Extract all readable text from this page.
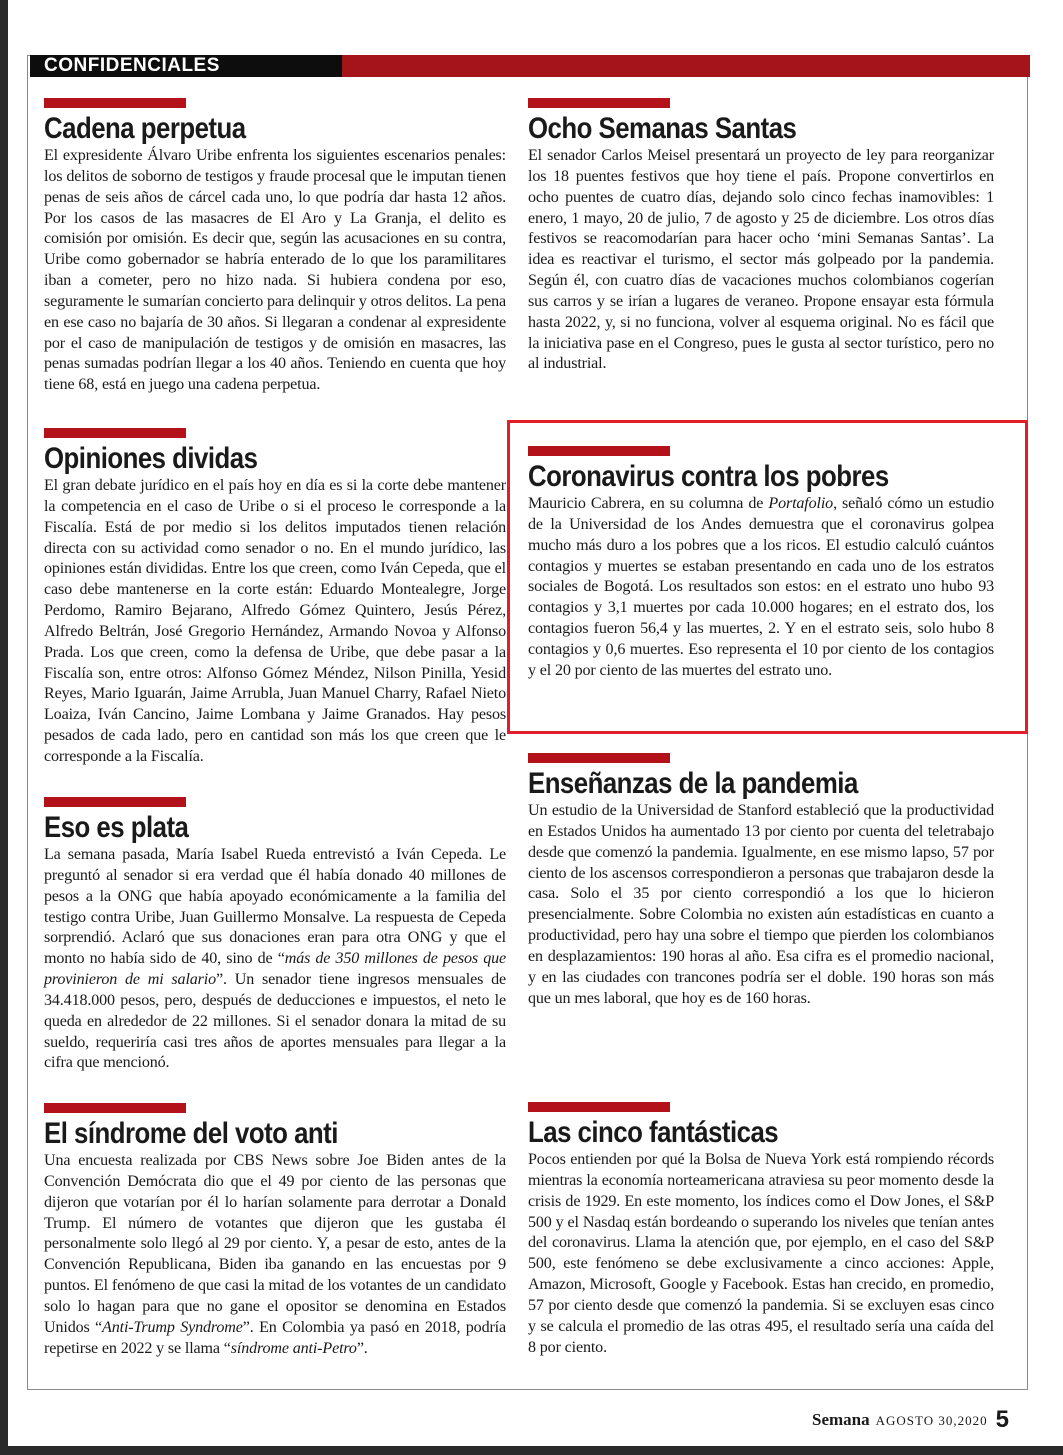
CONFIDENCIALES
Cadena perpetua

El expresidente Álvaro Uribe enfrenta los siguientes escenarios penales: los delitos de soborno de testigos y fraude procesal que le imputan tienen penas de seis años de cárcel cada uno, lo que podría dar hasta 12 años. Por los casos de las masacres de El Aro y La Granja, el delito es comisión por omisión. Es decir que, según las acusaciones en su contra, Uribe como gobernador se habría enterado de lo que los paramilitares iban a cometer, pero no hizo nada. Si hubiera condena por eso, seguramente le sumarían concierto para delinquir y otros delitos. La pena en ese caso no bajaría de 30 años. Si llegaran a condenar al expresidente por el caso de manipulación de testigos y de omisión en masacres, las penas sumadas podrían llegar a los 40 años. Teniendo en cuenta que hoy tiene 68, está en juego una cadena perpetua.

Opiniones dividas

El gran debate jurídico en el país hoy en día es si la corte debe mantener la competencia en el caso de Uribe o si el proceso le corresponde a la Fiscalía. Está de por medio si los delitos imputados tienen relación directa con su actividad como senador o no. En el mundo jurídico, las opiniones están divididas. Entre los que creen, como Iván Cepeda, que el caso debe mantenerse en la corte están: Eduardo Montealegre, Jorge Perdomo, Ramiro Bejarano, Alfredo Gómez Quintero, Jesús Pérez, Alfredo Beltrán, José Gregorio Hernández, Armando Novoa y Alfonso Prada. Los que creen, como la defensa de Uribe, que debe pasar a la Fiscalía son, entre otros: Alfonso Gómez Méndez, Nilson Pinilla, Yesid Reyes, Mario Iguarán, Jaime Arrubla, Juan Manuel Charry, Rafael Nieto Loaiza, Iván Cancino, Jaime Lombana y Jaime Granados. Hay pesos pesados de cada lado, pero en cantidad son más los que creen que le corresponde a la Fiscalía.

Eso es plata

La semana pasada, María Isabel Rueda entrevistó a Iván Cepeda. Le preguntó al senador si era verdad que él había donado 40 millones de pesos a la ONG que había apoyado económicamente a la familia del testigo contra Uribe, Juan Guillermo Monsalve. La respuesta de Cepeda sorprendió. Aclaró que sus donaciones eran para otra ONG y que el monto no había sido de 40, sino de “más de 350 millones de pesos que provinieron de mi salario”. Un senador tiene ingresos mensuales de 34.418.000 pesos, pero, después de deducciones e impuestos, el neto le queda en alrededor de 22 millones. Si el senador donara la mitad de su sueldo, requeriría casi tres años de aportes mensuales para llegar a la cifra que mencionó.

El síndrome del voto anti

Una encuesta realizada por CBS News sobre Joe Biden antes de la Convención Demócrata dio que el 49 por ciento de las personas que dijeron que votarían por él lo harían solamente para derrotar a Donald Trump. El número de votantes que dijeron que les gustaba él personalmente solo llegó al 29 por ciento. Y, a pesar de esto, antes de la Convención Republicana, Biden iba ganando en las encuestas por 9 puntos. El fenómeno de que casi la mitad de los votantes de un candidato solo lo hagan para que no gane el opositor se denomina en Estados Unidos “Anti-Trump Syndrome”. En Colombia ya pasó en 2018, podría repetirse en 2022 y se llama “síndrome anti-Petro”.

Ocho Semanas Santas

El senador Carlos Meisel presentará un proyecto de ley para reorganizar los 18 puentes festivos que hoy tiene el país. Propone convertirlos en ocho puentes de cuatro días, dejando solo cinco fechas inamovibles: 1 enero, 1 mayo, 20 de julio, 7 de agosto y 25 de diciembre. Los otros días festivos se reacomodarían para hacer ocho ‘mini Semanas Santas’. La idea es reactivar el turismo, el sector más golpeado por la pandemia. Según él, con cuatro días de vacaciones muchos colombianos cogerían sus carros y se irían a lugares de veraneo. Propone ensayar esta fórmula hasta 2022, y, si no funciona, volver al esquema original. No es fácil que la iniciativa pase en el Congreso, pues le gusta al sector turístico, pero no al industrial.

Coronavirus contra los pobres

Mauricio Cabrera, en su columna de Portafolio, señaló cómo un estudio de la Universidad de los Andes demuestra que el coronavirus golpea mucho más duro a los pobres que a los ricos. El estudio calculó cuántos contagios y muertes se estaban presentando en cada uno de los estratos sociales de Bogotá. Los resultados son estos: en el estrato uno hubo 93 contagios y 3,1 muertes por cada 10.000 hogares; en el estrato dos, los contagios fueron 56,4 y las muertes, 2. Y en el estrato seis, solo hubo 8 contagios y 0,6 muertes. Eso representa el 10 por ciento de los contagios y el 20 por ciento de las muertes del estrato uno.

Enseñanzas de la pandemia

Un estudio de la Universidad de Stanford estableció que la productividad en Estados Unidos ha aumentado 13 por ciento por cuenta del teletrabajo desde que comenzó la pandemia. Igualmente, en ese mismo lapso, 57 por ciento de los ascensos correspondieron a personas que trabajaron desde la casa. Solo el 35 por ciento correspondió a los que lo hicieron presencialmente. Sobre Colombia no existen aún estadísticas en cuanto a productividad, pero hay una sobre el tiempo que pierden los colombianos en desplazamientos: 190 horas al año. Esa cifra es el promedio nacional, y en las ciudades con trancones podría ser el doble. 190 horas son más que un mes laboral, que hoy es de 160 horas.

Las cinco fantásticas

Pocos entienden por qué la Bolsa de Nueva York está rompiendo récords mientras la economía norteamericana atraviesa su peor momento desde la crisis de 1929. En este momento, los índices como el Dow Jones, el S&P 500 y el Nasdaq están bordeando o superando los niveles que tenían antes del coronavirus. Llama la atención que, por ejemplo, en el caso del S&P 500, este fenómeno se debe exclusivamente a cinco acciones: Apple, Amazon, Microsoft, Google y Facebook. Estas han crecido, en promedio, 57 por ciento desde que comenzó la pandemia. Si se excluyen esas cinco y se calcula el promedio de las otras 495, el resultado sería una caída del 8 por ciento.

Semana AGOSTO 30,2020 5
